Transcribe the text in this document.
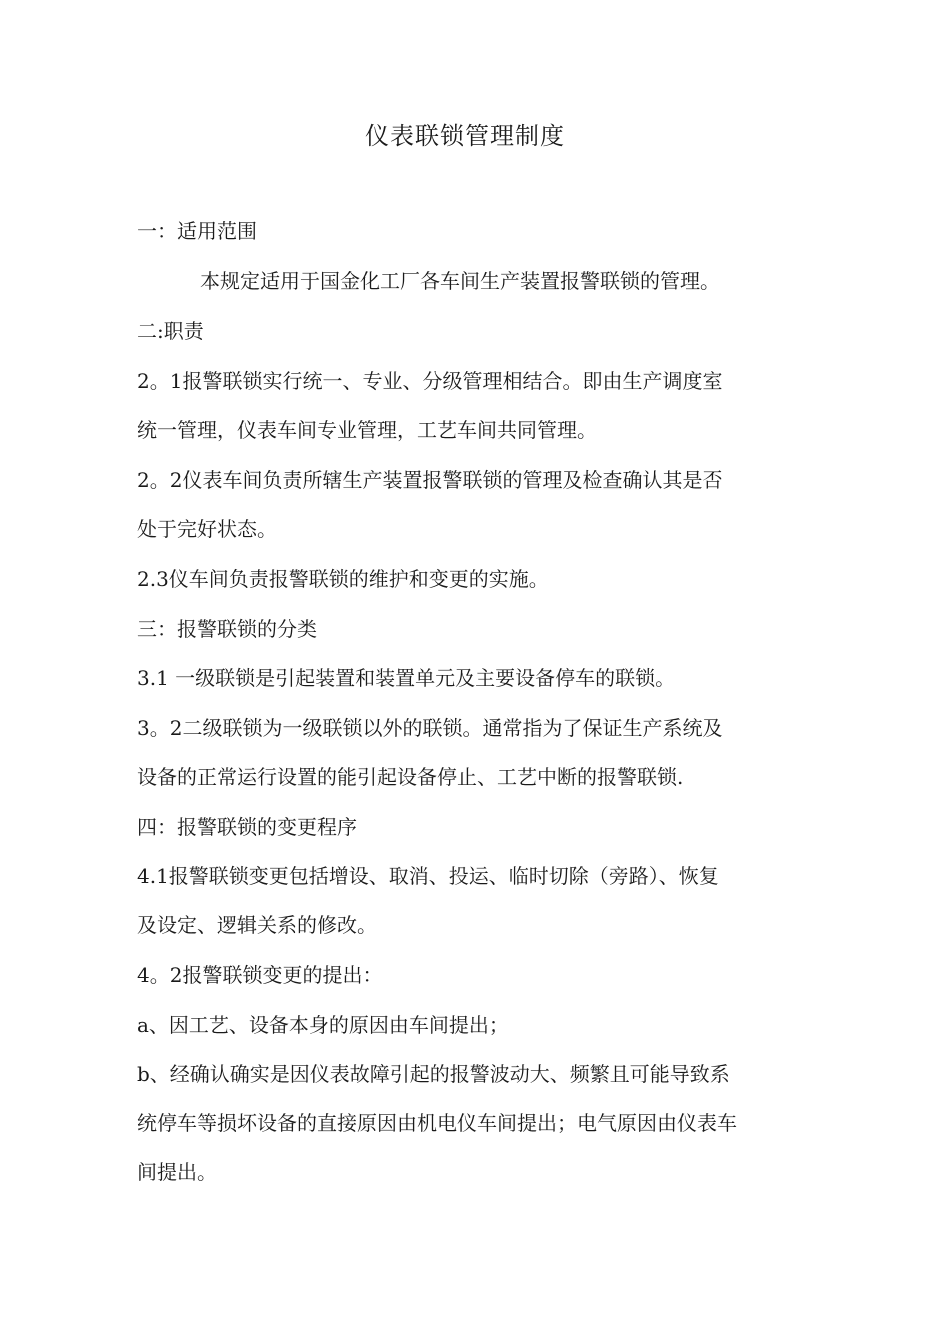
仪表联锁管理制度
一：适用范围
本规定适用于国金化工厂各车间生产装置报警联锁的管理。
二:职责
2。1报警联锁实行统一、专业、分级管理相结合。即由生产调度室
统一管理，仪表车间专业管理，工艺车间共同管理。
2。2仪表车间负责所辖生产装置报警联锁的管理及检查确认其是否
处于完好状态。
2.3仪车间负责报警联锁的维护和变更的实施。
三：报警联锁的分类
3.1 一级联锁是引起装置和装置单元及主要设备停车的联锁。
3。2二级联锁为一级联锁以外的联锁。通常指为了保证生产系统及
设备的正常运行设置的能引起设备停止、工艺中断的报警联锁.
四：报警联锁的变更程序
4.1报警联锁变更包括增设、取消、投运、临时切除（旁路）、恢复
及设定、逻辑关系的修改。
4。2报警联锁变更的提出：
a、因工艺、设备本身的原因由车间提出；
b、经确认确实是因仪表故障引起的报警波动大、频繁且可能导致系
统停车等损坏设备的直接原因由机电仪车间提出；电气原因由仪表车
间提出。
